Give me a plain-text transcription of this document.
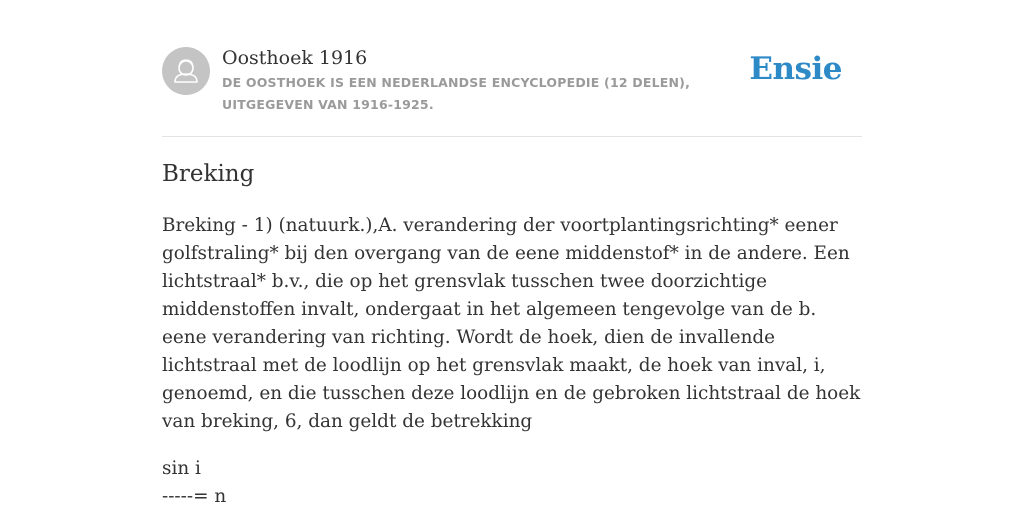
Oosthoek 1916

DE OOSTHOEK IS EEN NEDERLANDSE ENCYCLOPEDIE (12 DELEN), UITGEGEVEN VAN 1916-1925.

Ensie
Breking

Breking - 1) (natuurk.),A. verandering der voortplantingsrichting* eener golfstraling* bij den overgang van de eene middenstof* in de andere. Een lichtstraal* b.v., die op het grensvlak tusschen twee doorzichtige middenstoffen invalt, ondergaat in het algemeen tengevolge van de b. eene verandering van richting. Wordt de hoek, dien de invallende lichtstraal met de loodlijn op het grensvlak maakt, de hoek van inval, i, genoemd, en die tusschen deze loodlijn en de gebroken lichtstraal de hoek van breking, 6, dan geldt de betrekking

sin i
-----= n
